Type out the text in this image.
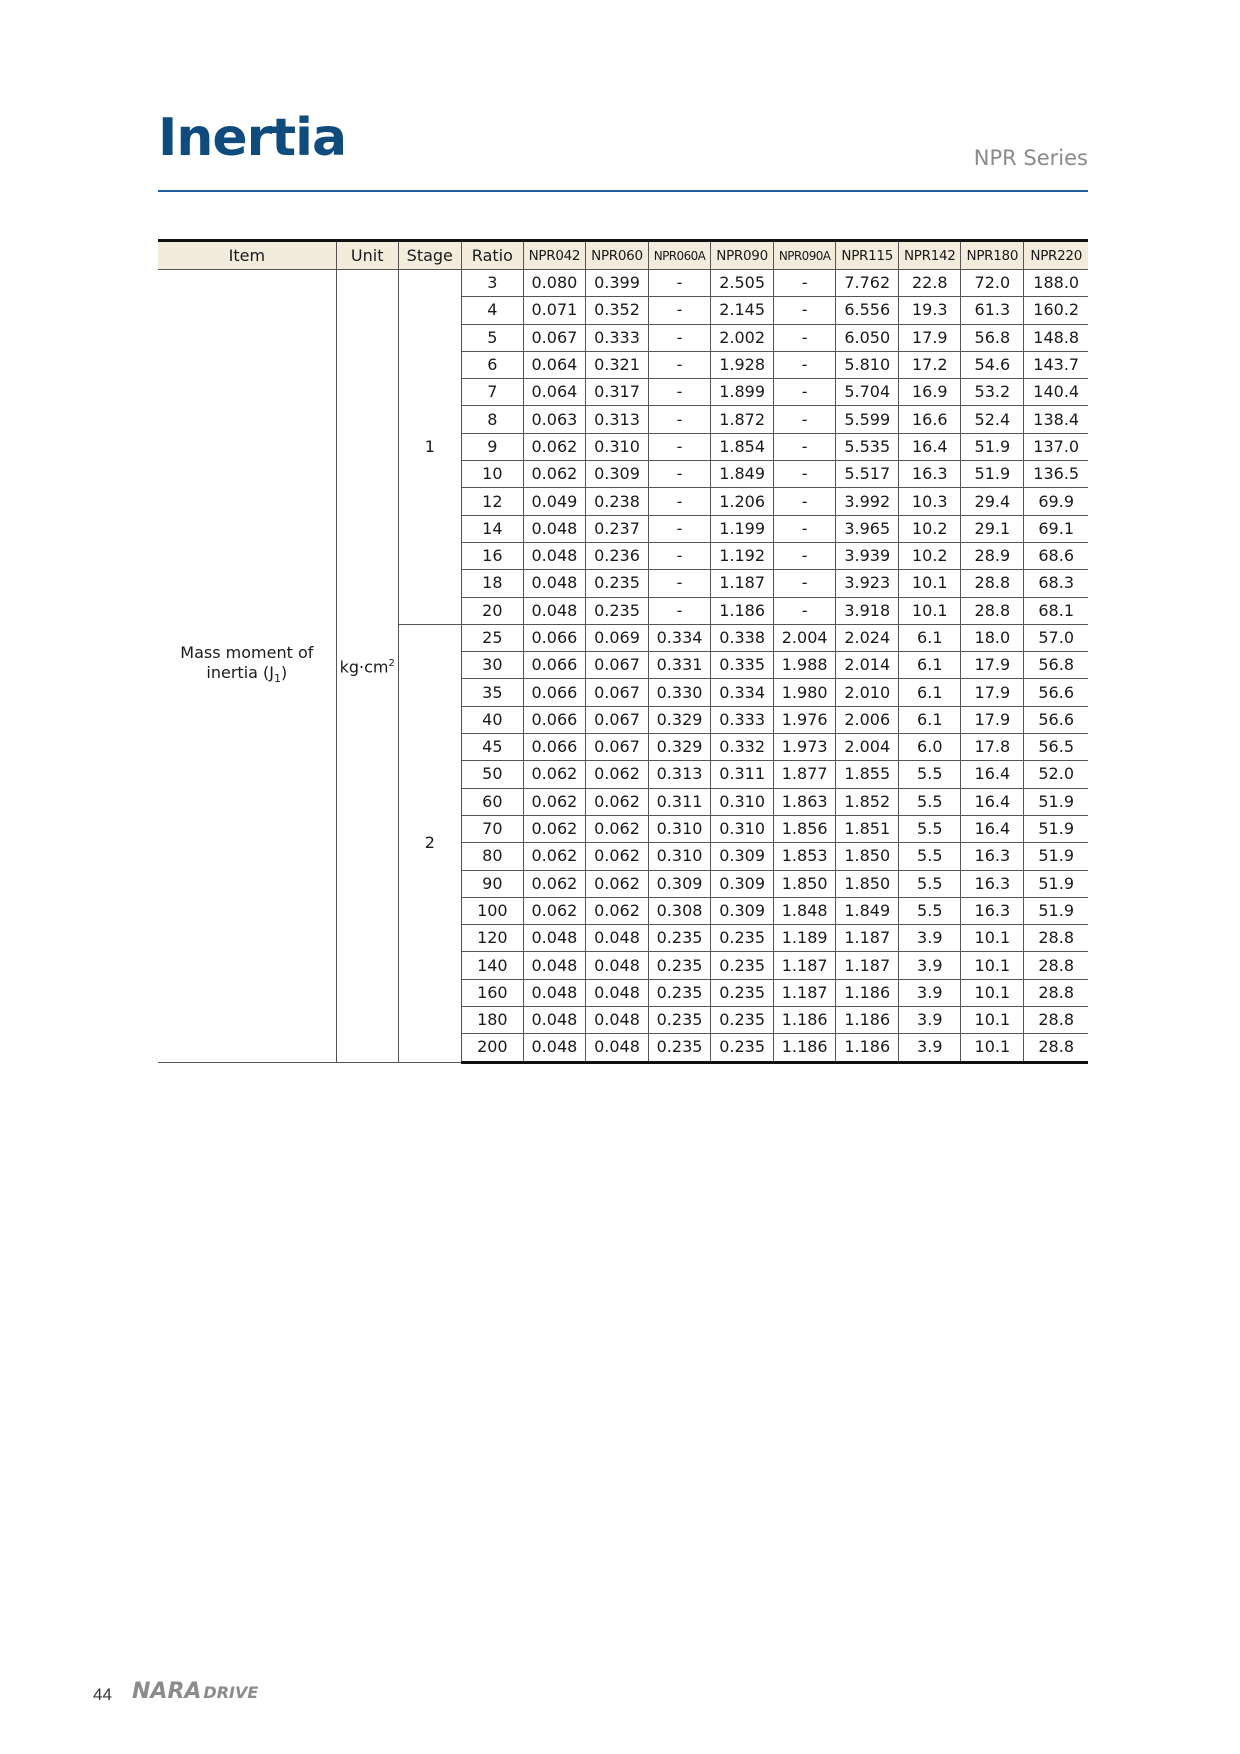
Inertia	NPR Series
Item	Unit	Stage	Ratio	NPR042	NPR060	NPR060A	NPR090	NPR090A	NPR115	NPR142	NPR180	NPR220
Mass moment of
inertia $(J_1)$	$kg\cdot cm^2$	1	3	0.080	0.399	-	2.505	-	7.762	22.8	72.0	188.0
			4	0.071	0.352	-	2.145	-	6.556	19.3	61.3	160.2
			5	0.067	0.333	-	2.002	-	6.050	17.9	56.8	148.8
			6	0.064	0.321	-	1.928	-	5.810	17.2	54.6	143.7
			7	0.064	0.317	-	1.899	-	5.704	16.9	53.2	140.4
			8	0.063	0.313	-	1.872	-	5.599	16.6	52.4	138.4
			9	0.062	0.310	-	1.854	-	5.535	16.4	51.9	137.0
			10	0.062	0.309	-	1.849	-	5.517	16.3	51.9	136.5
			12	0.049	0.238	-	1.206	-	3.992	10.3	29.4	69.9
			14	0.048	0.237	-	1.199	-	3.965	10.2	29.1	69.1
			16	0.048	0.236	-	1.192	-	3.939	10.2	28.9	68.6
			18	0.048	0.235	-	1.187	-	3.923	10.1	28.8	68.3
			20	0.048	0.235	-	1.186	-	3.918	10.1	28.8	68.1
		2	25	0.066	0.069	0.334	0.338	2.004	2.024	6.1	18.0	57.0
			30	0.066	0.067	0.331	0.335	1.988	2.014	6.1	17.9	56.8
			35	0.066	0.067	0.330	0.334	1.980	2.010	6.1	17.9	56.6
			40	0.066	0.067	0.329	0.333	1.976	2.006	6.1	17.9	56.6
			45	0.066	0.067	0.329	0.332	1.973	2.004	6.0	17.8	56.5
			50	0.062	0.062	0.313	0.311	1.877	1.855	5.5	16.4	52.0
			60	0.062	0.062	0.311	0.310	1.863	1.852	5.5	16.4	51.9
			70	0.062	0.062	0.310	0.310	1.856	1.851	5.5	16.4	51.9
			80	0.062	0.062	0.310	0.309	1.853	1.850	5.5	16.3	51.9
			90	0.062	0.062	0.309	0.309	1.850	1.850	5.5	16.3	51.9
			100	0.062	0.062	0.308	0.309	1.848	1.849	5.5	16.3	51.9
			120	0.048	0.048	0.235	0.235	1.189	1.187	3.9	10.1	28.8
			140	0.048	0.048	0.235	0.235	1.187	1.187	3.9	10.1	28.8
			160	0.048	0.048	0.235	0.235	1.187	1.186	3.9	10.1	28.8
			180	0.048	0.048	0.235	0.235	1.186	1.186	3.9	10.1	28.8
			200	0.048	0.048	0.235	0.235	1.186	1.186	3.9	10.1	28.8
44 NARA DRIVE
